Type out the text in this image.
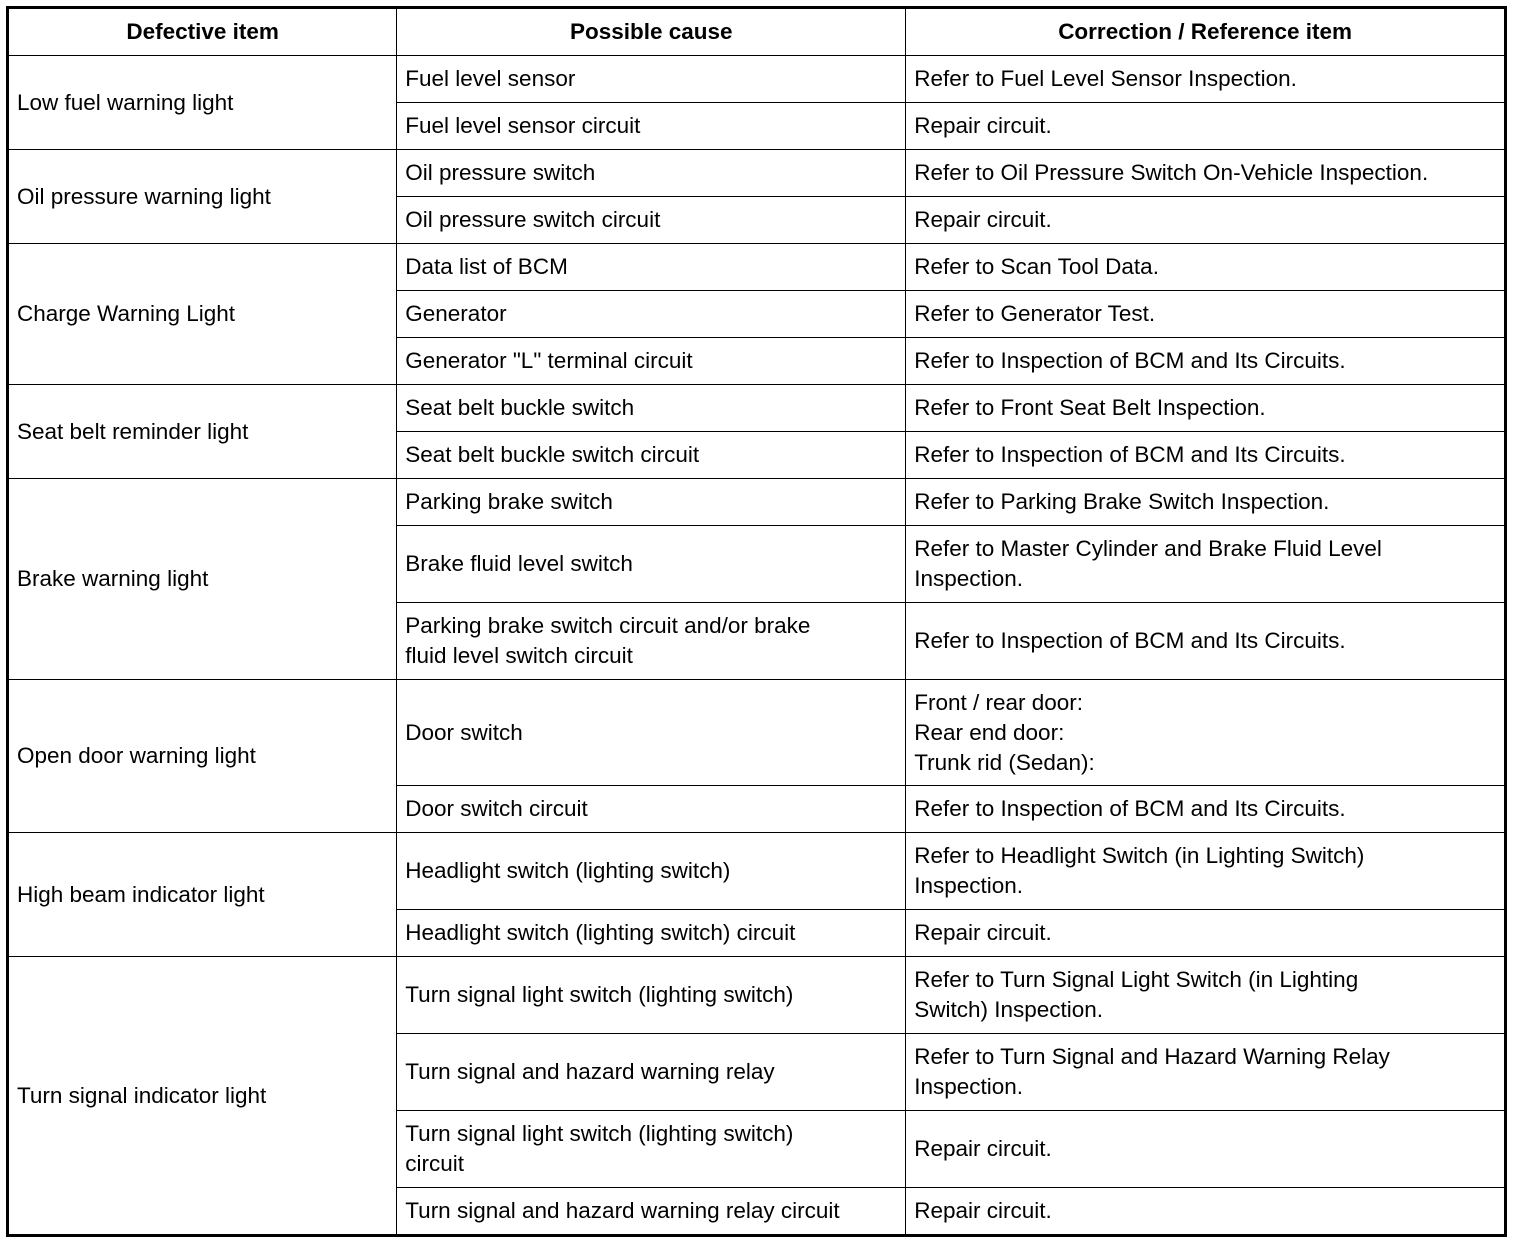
Defective item	Possible cause	Correction / Reference item
Low fuel warning light	Fuel level sensor	Refer to Fuel Level Sensor Inspection.

	Fuel level sensor circuit	Repair circuit.

Oil pressure warning light	Oil pressure switch	Refer to Oil Pressure Switch On-Vehicle Inspection.

	Oil pressure switch circuit	Repair circuit.

Charge Warning Light	Data list of BCM	Refer to Scan Tool Data.

	Generator	Refer to Generator Test.

	Generator "L" terminal circuit	Refer to Inspection of BCM and Its Circuits.

Seat belt reminder light	Seat belt buckle switch	Refer to Front Seat Belt Inspection.

	Seat belt buckle switch circuit	Refer to Inspection of BCM and Its Circuits.

Brake warning light	Parking brake switch	Refer to Parking Brake Switch Inspection.

	Brake fluid level switch	Refer to Master Cylinder and Brake Fluid Level
Inspection.

	Parking brake switch circuit and/or brake
fluid level switch circuit	Refer to Inspection of BCM and Its Circuits.

Open door warning light	Door switch	Front / rear door:
Rear end door:
Trunk rid (Sedan):

	Door switch circuit	Refer to Inspection of BCM and Its Circuits.

High beam indicator light	Headlight switch (lighting switch)	Refer to Headlight Switch (in Lighting Switch)
Inspection.

	Headlight switch (lighting switch) circuit	Repair circuit.

Turn signal indicator light	Turn signal light switch (lighting switch)	Refer to Turn Signal Light Switch (in Lighting
Switch) Inspection.

	Turn signal and hazard warning relay	Refer to Turn Signal and Hazard Warning Relay
Inspection.

	Turn signal light switch (lighting switch)
circuit	Repair circuit.

	Turn signal and hazard warning relay circuit	Repair circuit.
